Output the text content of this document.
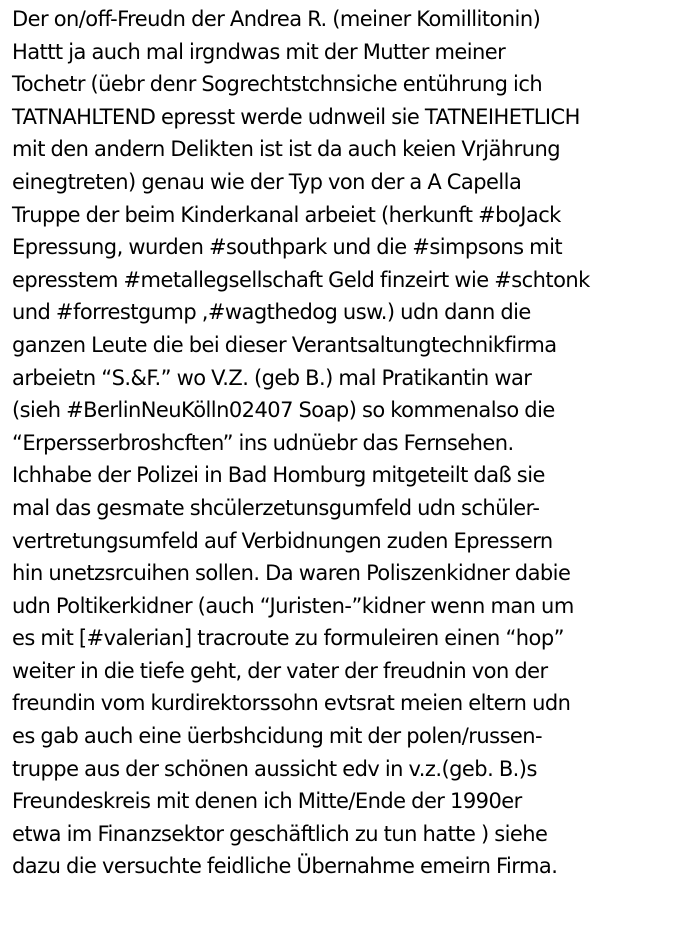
Der on/off-Freudn der Andrea R. (meiner Komillitonin)
Hattt ja auch mal irgndwas mit der Mutter meiner
Tochetr (üebr denr Sogrechtstchnsiche entührung ich
TATNAHLTEND epresst werde udnweil sie TATNEIHETLICH
mit den andern Delikten ist ist da auch keien Vrjährung
einegtreten) genau wie der Typ von der a A Capella
Truppe der beim Kinderkanal arbeiet (herkunft #boJack
Epressung, wurden #southpark und die #simpsons mit
epresstem #metallegsellschaft Geld finzeirt wie #schtonk
und #forrestgump ,#wagthedog usw.) udn dann die
ganzen Leute die bei dieser Verantsaltungtechnikfirma
arbeietn “S.&F.” wo V.Z. (geb B.) mal Pratikantin war
(sieh #BerlinNeuKölln02407 Soap) so kommenalso die
“Erpersserbroshcften” ins udnüebr das Fernsehen.
Ichhabe der Polizei in Bad Homburg mitgeteilt daß sie
mal das gesmate shcülerzetunsgumfeld udn schüler-
vertretungsumfeld auf Verbidnungen zuden Epressern
hin unetzsrcuihen sollen. Da waren Poliszenkidner dabie
udn Poltikerkidner (auch “Juristen-”kidner wenn man um
es mit [#valerian] tracroute zu formuleiren einen “hop”
weiter in die tiefe geht, der vater der freudnin von der
freundin vom kurdirektorssohn evtsrat meien eltern udn
es gab auch eine üerbshcidung mit der polen/russen-
truppe aus der schönen aussicht edv in v.z.(geb. B.)s
Freundeskreis mit denen ich Mitte/Ende der 1990er
etwa im Finanzsektor geschäftlich zu tun hatte ) siehe
dazu die versuchte feidliche Übernahme emeirn Firma.
